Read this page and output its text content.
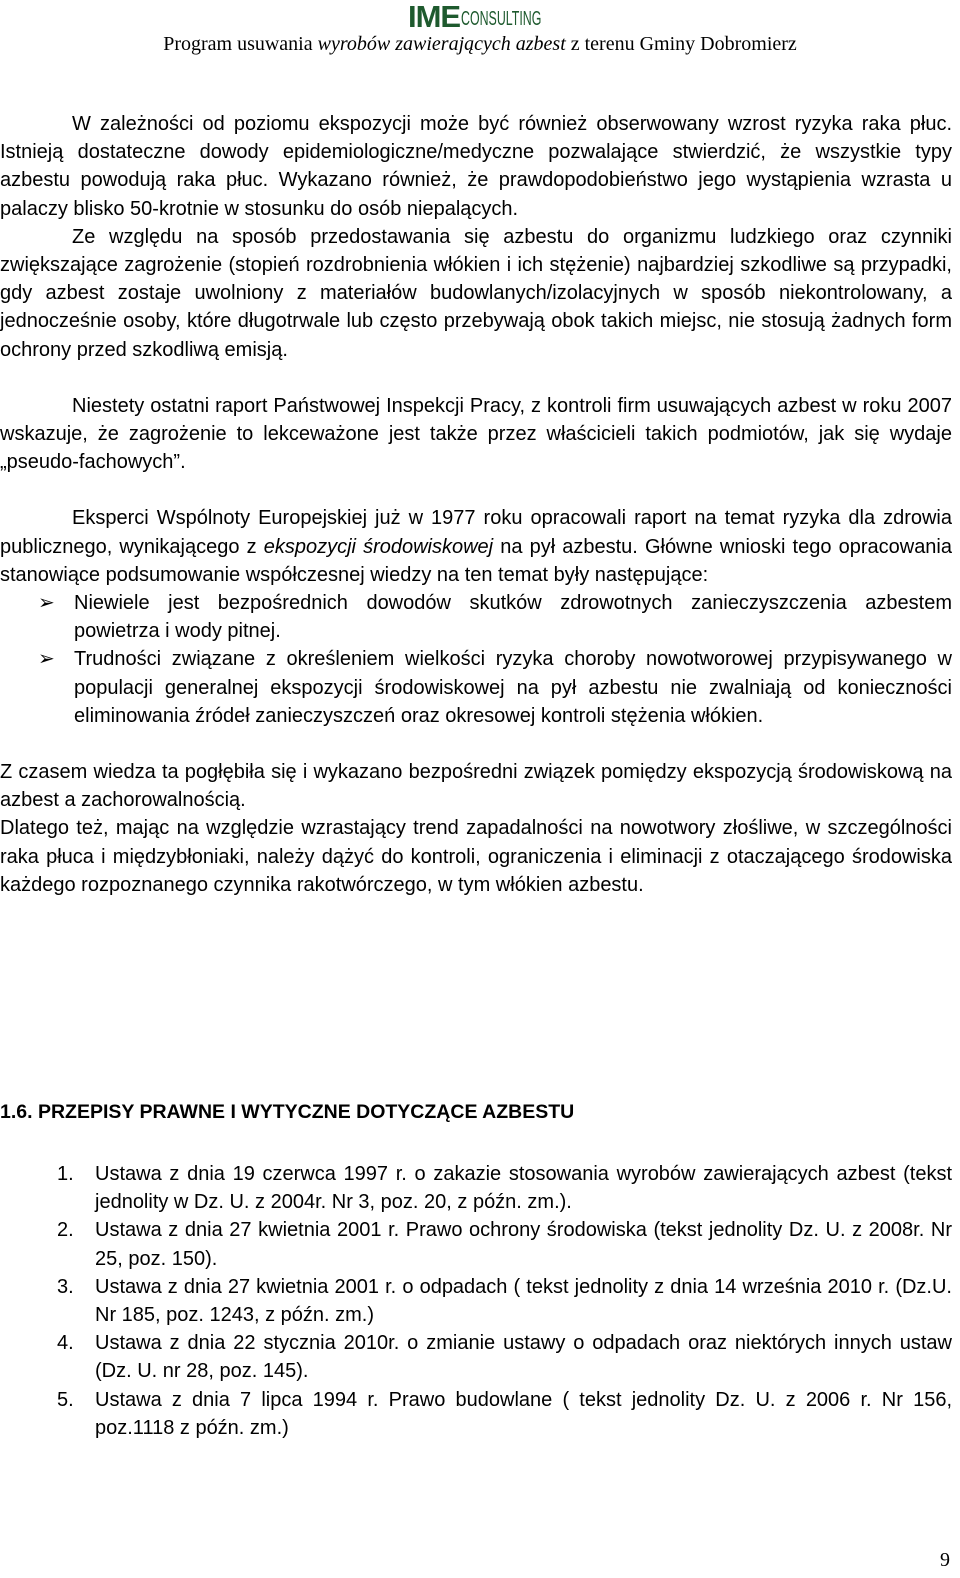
IME CONSULTING
Program usuwania wyrobów zawierających azbest z terenu Gminy Dobromierz

W zależności od poziomu ekspozycji może być również obserwowany wzrost ryzyka raka płuc. Istnieją dostateczne dowody epidemiologiczne/medyczne pozwalające stwierdzić, że wszystkie typy azbestu powodują raka płuc. Wykazano również, że prawdopodobieństwo jego wystąpienia wzrasta u palaczy blisko 50-krotnie w stosunku do osób niepalących.

Ze względu na sposób przedostawania się azbestu do organizmu ludzkiego oraz czynniki zwiększające zagrożenie (stopień rozdrobnienia włókien i ich stężenie) najbardziej szkodliwe są przypadki, gdy azbest zostaje uwolniony z materiałów budowlanych/izolacyjnych w sposób niekontrolowany, a jednocześnie osoby, które długotrwale lub często przebywają obok takich miejsc, nie stosują żadnych form ochrony przed szkodliwą emisją.

Niestety ostatni raport Państwowej Inspekcji Pracy, z kontroli firm usuwających azbest w roku 2007 wskazuje, że zagrożenie to lekceważone jest także przez właścicieli takich podmiotów, jak się wydaje „pseudo-fachowych”.

Eksperci Wspólnoty Europejskiej już w 1977 roku opracowali raport na temat ryzyka dla zdrowia publicznego, wynikającego z ekspozycji środowiskowej na pył azbestu. Główne wnioski tego opracowania stanowiące podsumowanie współczesnej wiedzy na ten temat były następujące:

➢ Niewiele jest bezpośrednich dowodów skutków zdrowotnych zanieczyszczenia azbestem powietrza i wody pitnej.
➢ Trudności związane z określeniem wielkości ryzyka choroby nowotworowej przypisywanego w populacji generalnej ekspozycji środowiskowej na pył azbestu nie zwalniają od konieczności eliminowania źródeł zanieczyszczeń oraz okresowej kontroli stężenia włókien.

Z czasem wiedza ta pogłębiła się i wykazano bezpośredni związek pomiędzy ekspozycją środowiskową na azbest a zachorowalnością.

Dlatego też, mając na względzie wzrastający trend zapadalności na nowotwory złośliwe, w szczególności raka płuca i międzybłoniaki, należy dążyć do kontroli, ograniczenia i eliminacji z otaczającego środowiska każdego rozpoznanego czynnika rakotwórczego, w tym włókien azbestu.

1.6. PRZEPISY PRAWNE I WYTYCZNE DOTYCZĄCE AZBESTU
1. Ustawa z dnia 19 czerwca 1997 r. o zakazie stosowania wyrobów zawierających azbest (tekst jednolity w Dz. U. z 2004r. Nr 3, poz. 20, z późn. zm.).
2. Ustawa z dnia 27 kwietnia 2001 r. Prawo ochrony środowiska (tekst jednolity Dz. U. z 2008r. Nr 25, poz. 150).
3. Ustawa z dnia 27 kwietnia 2001 r. o odpadach ( tekst jednolity z dnia 14 września 2010 r. (Dz.U. Nr 185, poz. 1243, z późn. zm.)
4. Ustawa z dnia 22 stycznia 2010r. o zmianie ustawy o odpadach oraz niektórych innych ustaw (Dz. U. nr 28, poz. 145).
5. Ustawa z dnia 7 lipca 1994 r. Prawo budowlane ( tekst jednolity Dz. U. z 2006 r. Nr 156, poz.1118 z późn. zm.)
9
